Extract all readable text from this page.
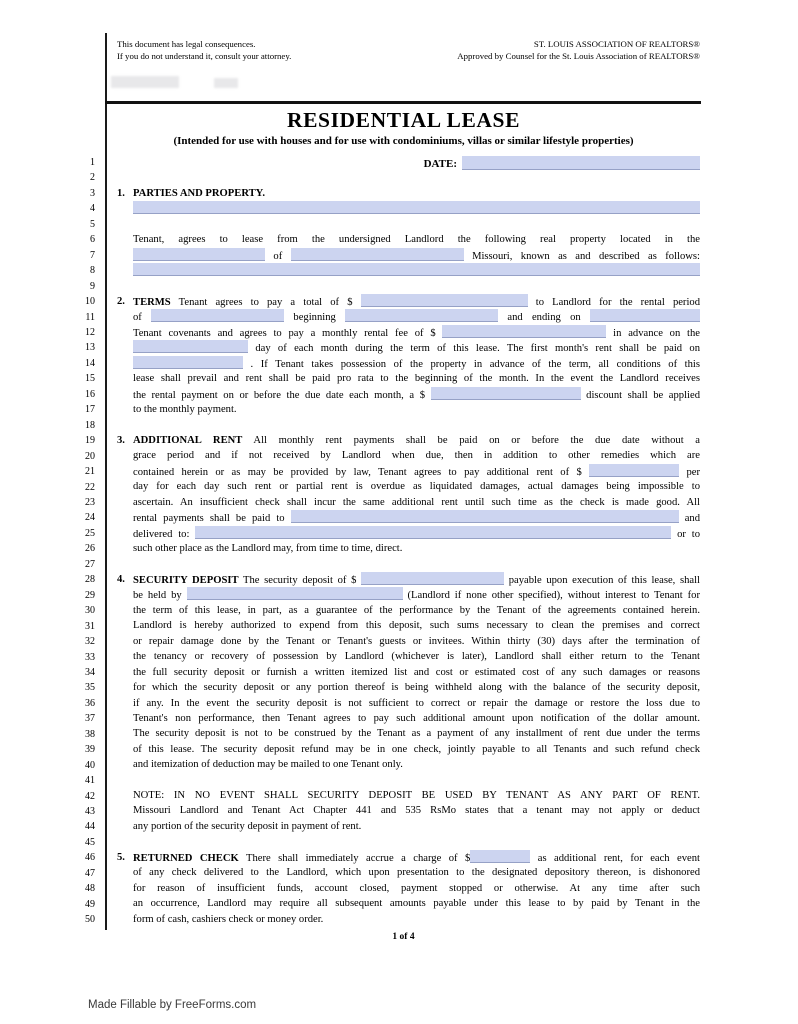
This document has legal consequences.
If you do not understand it, consult your attorney.
ST. LOUIS ASSOCIATION OF REALTORS®
Approved by Counsel for the St. Louis Association of REALTORS®
RESIDENTIAL LEASE
(Intended for use with houses and for use with condominiums, villas or similar lifestyle properties)
DATE:
1
2
3
4
5
6
7
8
9
10
11
12
13
14
15
16
17
18
19
20
21
22
23
24
25
26
27
28
29
30
31
32
33
34
35
36
37
38
39
40
41
42
43
44
45
46
47
48
49
50
1. PARTIES AND PROPERTY.
Tenant, agrees to lease from the undersigned Landlord the following real property located in the
of	Missouri, known as and described as follows:
2. TERMS Tenant agrees to pay a total of $	to Landlord for the rental period
of	beginning	and ending on
Tenant covenants and agrees to pay a monthly rental fee of $	in advance on the
day of each month during the term of this lease. The first month's rent shall be paid on
. If Tenant takes possession of the property in advance of the term, all conditions of this
lease shall prevail and rent shall be paid pro rata to the beginning of the month. In the event the Landlord receives
the rental payment on or before the due date each month, a $	discount shall be applied
to the monthly payment.
3. ADDITIONAL RENT All monthly rent payments shall be paid on or before the due date without a
grace period and if not received by Landlord when due, then in addition to other remedies which are
contained herein or as may be provided by law, Tenant agrees to pay additional rent of $	per
day for each day such rent or partial rent is overdue as liquidated damages, actual damages being impossible to
ascertain. An insufficient check shall incur the same additional rent until such time as the check is made good. All
rental payments shall be paid to	and
delivered to:	or to
such other place as the Landlord may, from time to time, direct.
4. SECURITY DEPOSIT The security deposit of $	payable upon execution of this lease, shall
be held by	(Landlord if none other specified), without interest to Tenant for
the term of this lease, in part, as a guarantee of the performance by the Tenant of the agreements contained herein.
Landlord is hereby authorized to expend from this deposit, such sums necessary to clean the premises and correct
or repair damage done by the Tenant or Tenant's guests or invitees. Within thirty (30) days after the termination of
the tenancy or recovery of possession by Landlord (whichever is later), Landlord shall either return to the Tenant
the full security deposit or furnish a written itemized list and cost or estimated cost of any such damages or reasons
for which the security deposit or any portion thereof is being withheld along with the balance of the security deposit,
if any. In the event the security deposit is not sufficient to correct or repair the damage or restore the loss due to
Tenant's non performance, then Tenant agrees to pay such additional amount upon notification of the dollar amount.
The security deposit is not to be construed by the Tenant as a payment of any installment of rent due under the terms
of this lease. The security deposit refund may be in one check, jointly payable to all Tenants and such refund check
and itemization of deduction may be mailed to one Tenant only.
NOTE: IN NO EVENT SHALL SECURITY DEPOSIT BE USED BY TENANT AS ANY PART OF RENT.
Missouri Landlord and Tenant Act Chapter 441 and 535 RsMo states that a tenant may not apply or deduct
any portion of the security deposit in payment of rent.
5. RETURNED CHECK There shall immediately accrue a charge of $	as additional rent, for each event
of any check delivered to the Landlord, which upon presentation to the designated depository thereon, is dishonored
for reason of insufficient funds, account closed, payment stopped or otherwise. At any time after such
an occurrence, Landlord may require all subsequent amounts payable under this lease to by paid by Tenant in the
form of cash, cashiers check or money order.
1 of 4
Made Fillable by FreeForms.com
